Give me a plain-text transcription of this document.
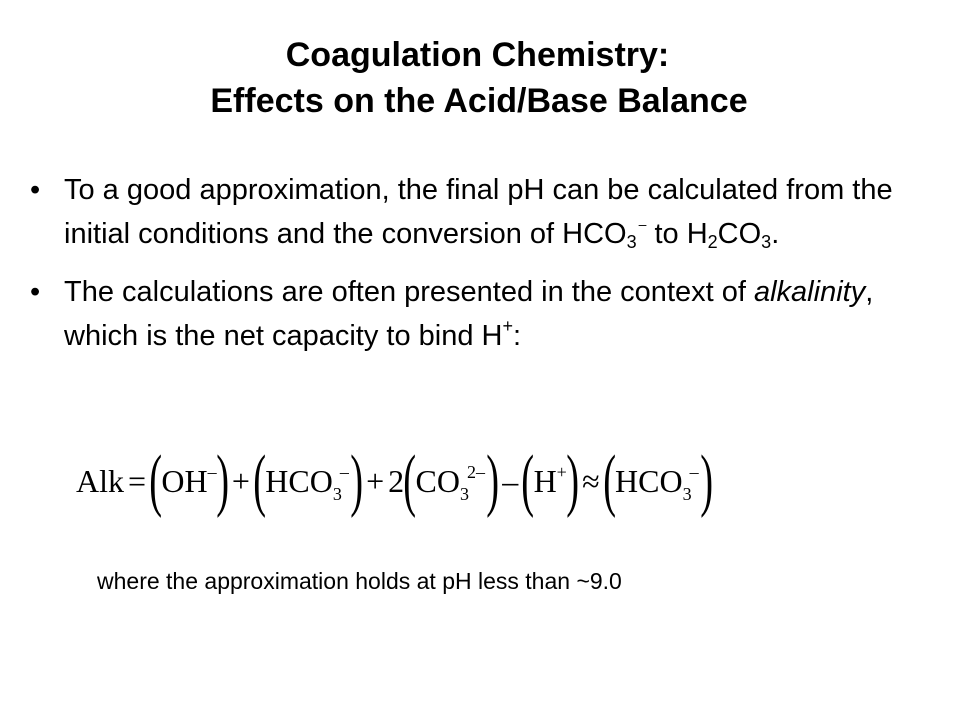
Coagulation Chemistry:
Effects on the Acid/Base Balance
• To a good approximation, the final pH can be calculated from the initial conditions and the conversion of $HCO_3^-$ to $H_2CO_3$.
• The calculations are often presented in the context of alkalinity, which is the net capacity to bind H+:
Alk = ( OH– ) + ( $HCO_3^-$ ) + 2 ( $CO_3^{2-}$ ) – ( H+ ) ≈ ( $HCO_3^-$ )
where the approximation holds at pH less than ~9.0
